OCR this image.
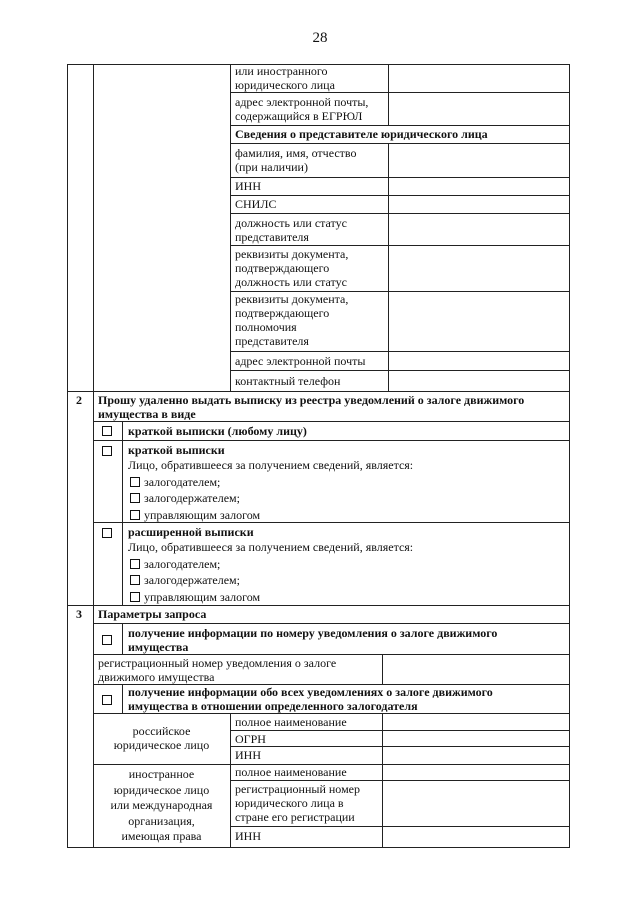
28
или иностранного
юридического лица
адрес электронной почты,
содержащийся в ЕГРЮЛ
Сведения о представителе юридического лица
фамилия, имя, отчество
(при наличии)
ИНН
СНИЛС
должность или статус
представителя
реквизиты документа,
подтверждающего
должность или статус
реквизиты документа,
подтверждающего
полномочия
представителя
адрес электронной почты
контактный телефон
2 Прошу удаленно выдать выписку из реестра уведомлений о залоге движимого
имущества в виде
краткой выписки (любому лицу)
краткой выписки
Лицо, обратившееся за получением сведений, является:
залогодателем;
залогодержателем;
управляющим залогом
расширенной выписки
Лицо, обратившееся за получением сведений, является:
залогодателем;
залогодержателем;
управляющим залогом
3 Параметры запроса
получение информации по номеру уведомления о залоге движимого
имущества
регистрационный номер уведомления о залоге
движимого имущества
получение информации обо всех уведомлениях о залоге движимого
имущества в отношении определенного залогодателя
российское
юридическое лицо
полное наименование
ОГРН
ИНН
иностранное
юридическое лицо
или международная
организация,
имеющая права
полное наименование
регистрационный номер
юридического лица в
стране его регистрации
ИНН
